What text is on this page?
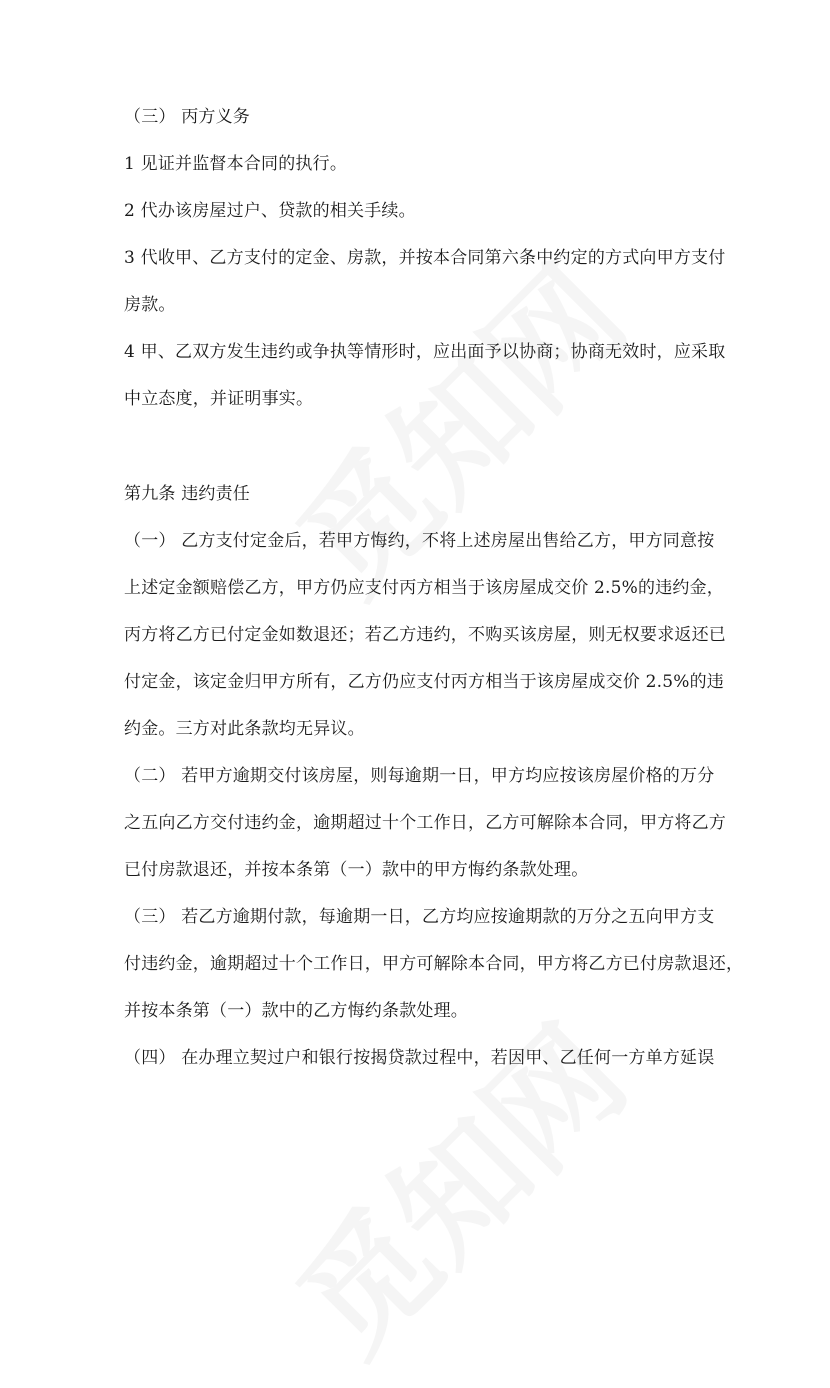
（三） 丙方义务
1 见证并监督本合同的执行。
2 代办该房屋过户、贷款的相关手续。
3 代收甲、乙方支付的定金、房款，并按本合同第六条中约定的方式向甲方支付
房款。
4 甲、乙双方发生违约或争执等情形时，应出面予以协商；协商无效时，应采取
中立态度，并证明事实。
第九条 违约责任
（一） 乙方支付定金后，若甲方悔约，不将上述房屋出售给乙方，甲方同意按
上述定金额赔偿乙方，甲方仍应支付丙方相当于该房屋成交价 2.5%的违约金，
丙方将乙方已付定金如数退还；若乙方违约，不购买该房屋，则无权要求返还已
付定金，该定金归甲方所有，乙方仍应支付丙方相当于该房屋成交价 2.5%的违
约金。三方对此条款均无异议。
（二） 若甲方逾期交付该房屋，则每逾期一日，甲方均应按该房屋价格的万分
之五向乙方交付违约金，逾期超过十个工作日，乙方可解除本合同，甲方将乙方
已付房款退还，并按本条第（一）款中的甲方悔约条款处理。
（三） 若乙方逾期付款，每逾期一日，乙方均应按逾期款的万分之五向甲方支
付违约金，逾期超过十个工作日，甲方可解除本合同，甲方将乙方已付房款退还，
并按本条第（一）款中的乙方悔约条款处理。
（四） 在办理立契过户和银行按揭贷款过程中，若因甲、乙任何一方单方延误
